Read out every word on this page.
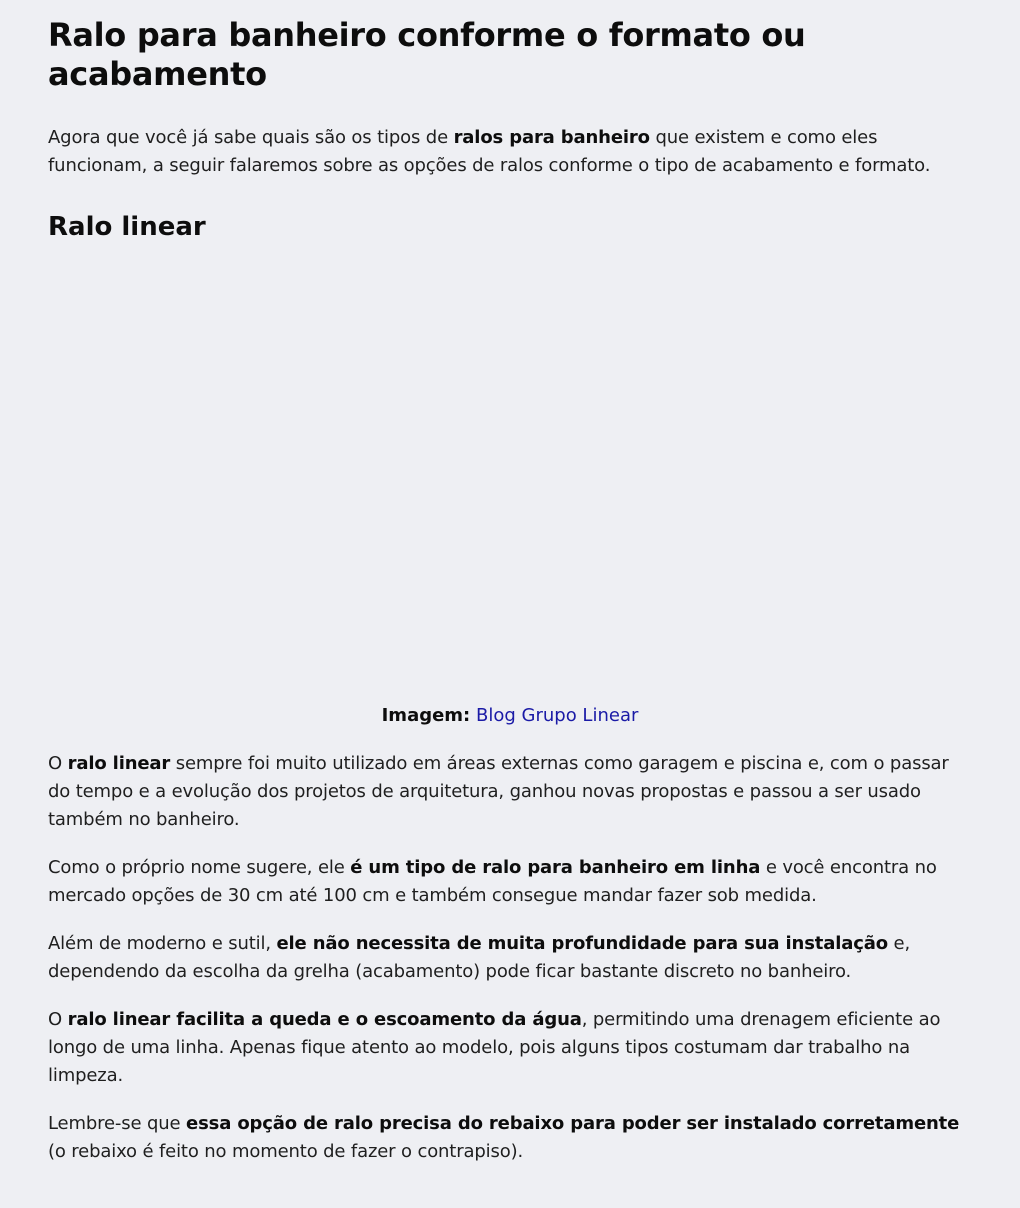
Ralo para banheiro conforme o formato ou acabamento

Agora que você já sabe quais são os tipos de ralos para banheiro que existem e como eles funcionam, a seguir falaremos sobre as opções de ralos conforme o tipo de acabamento e formato.

Ralo linear
Imagem: Blog Grupo Linear

O ralo linear sempre foi muito utilizado em áreas externas como garagem e piscina e, com o passar do tempo e a evolução dos projetos de arquitetura, ganhou novas propostas e passou a ser usado também no banheiro.

Como o próprio nome sugere, ele é um tipo de ralo para banheiro em linha e você encontra no mercado opções de 30 cm até 100 cm e também consegue mandar fazer sob medida.

Além de moderno e sutil, ele não necessita de muita profundidade para sua instalação e, dependendo da escolha da grelha (acabamento) pode ficar bastante discreto no banheiro.

O ralo linear facilita a queda e o escoamento da água, permitindo uma drenagem eficiente ao longo de uma linha. Apenas fique atento ao modelo, pois alguns tipos costumam dar trabalho na limpeza.

Lembre-se que essa opção de ralo precisa do rebaixo para poder ser instalado corretamente (o rebaixo é feito no momento de fazer o contrapiso).
